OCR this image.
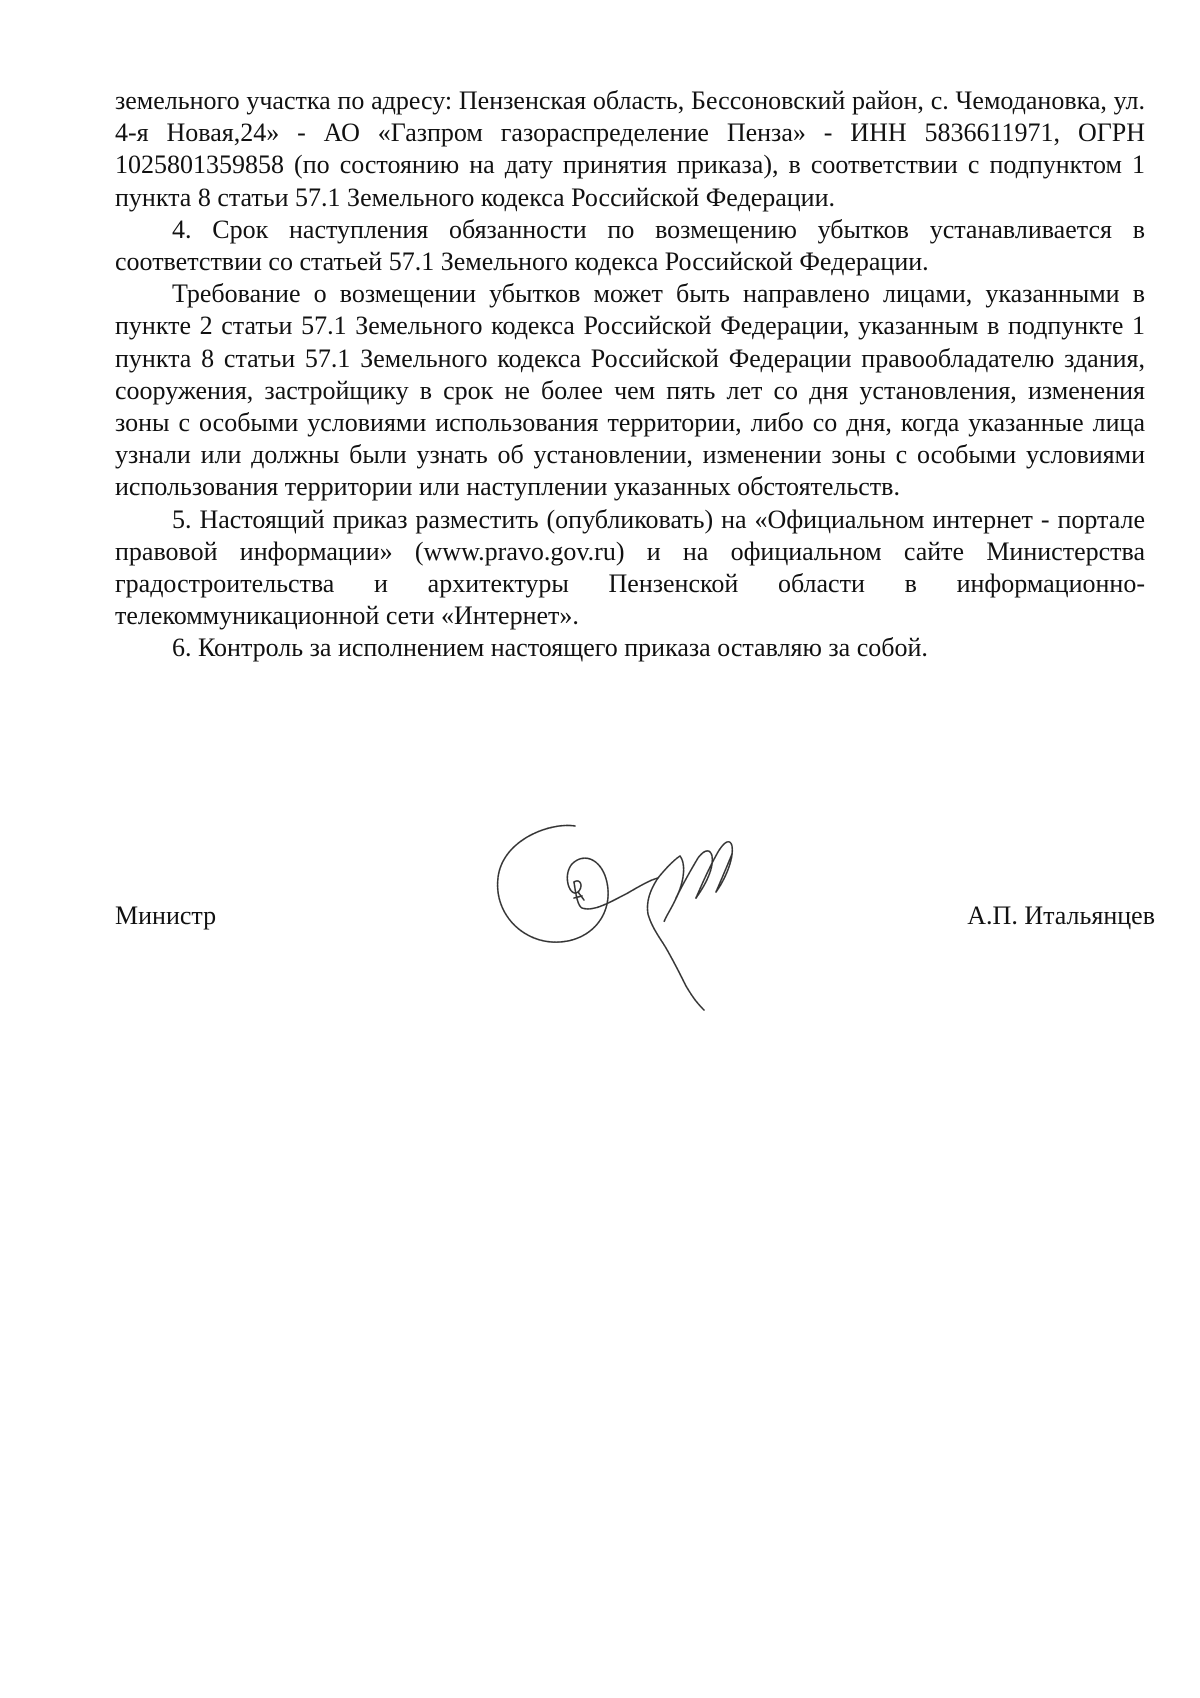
земельного участка по адресу: Пензенская область, Бессоновский район, с. Чемодановка, ул. 4-я Новая,24» - АО «Газпром газораспределение Пенза» - ИНН 5836611971, ОГРН 1025801359858 (по состоянию на дату принятия приказа), в соответствии с подпунктом 1 пункта 8 статьи 57.1 Земельного кодекса Российской Федерации.

4. Срок наступления обязанности по возмещению убытков устанавливается в соответствии со статьей 57.1 Земельного кодекса Российской Федерации.

Требование о возмещении убытков может быть направлено лицами, указанными в пункте 2 статьи 57.1 Земельного кодекса Российской Федерации, указанным в подпункте 1 пункта 8 статьи 57.1 Земельного кодекса Российской Федерации правообладателю здания, сооружения, застройщику в срок не более чем пять лет со дня установления, изменения зоны с особыми условиями использования территории, либо со дня, когда указанные лица узнали или должны были узнать об установлении, изменении зоны с особыми условиями использования территории или наступлении указанных обстоятельств.

5. Настоящий приказ разместить (опубликовать) на «Официальном интернет - портале правовой информации» (www.pravo.gov.ru) и на официальном сайте Министерства градостроительства и архитектуры Пензенской области в информационно-телекоммуникационной сети «Интернет».

6. Контроль за исполнением настоящего приказа оставляю за собой.

Министр	А.П. Итальянцев
